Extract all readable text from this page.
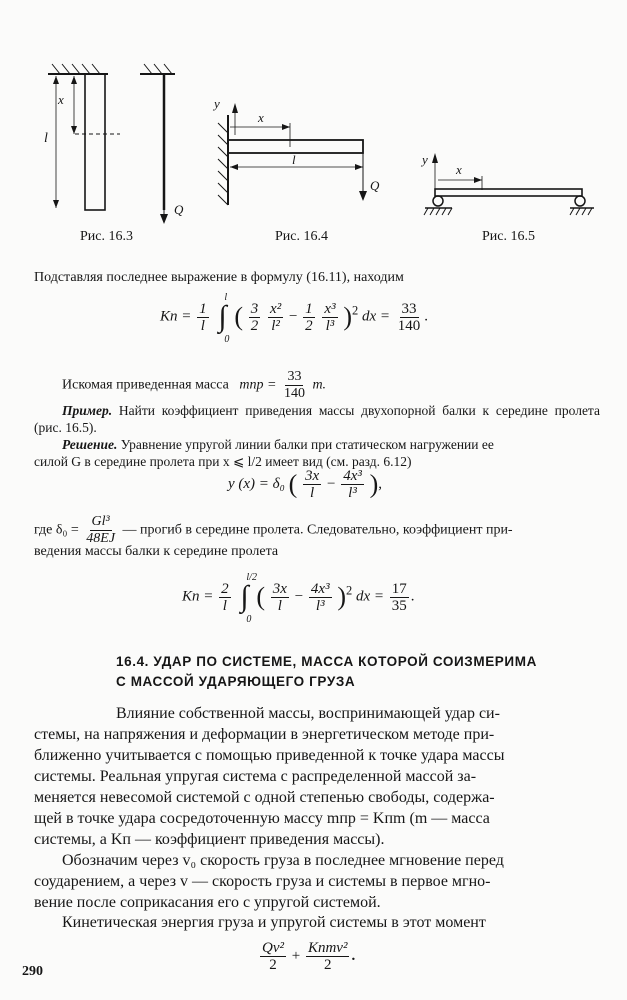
x
l
Q
Рис. 16.3
y
x
l
Q
Рис. 16.4
y
x
Рис. 16.5
Подставляя последнее выражение в формулу (16.11), находим
Kп = $\frac{1}{l}$ ∫
l
0
( $\frac{3}{2}$
$\frac{\text{x²}}{\text{l²}} - \frac{1}{2}$
$\frac{\text{x³}}{\text{l³}} )^2$ dx = $\frac{33}{140}$ .
Искомая приведенная масса mпр = $\frac{33}{140} m$.
Пример. Найти коэффициент приведения массы двухопорной балки к середине пролета (рис. 16.5).
Решение. Уравнение упругой линии балки при статическом нагружении ее
силой G в середине пролета при x ⩽ l/2 имеет вид (см. разд. 6.12)
y (x) = δ₀ ( $\frac{3x}{l} - \frac{\text{4x³}}{\text{l³}}$ ),
где $\delta_0 = \frac{\text{Gl³}}{48EJ}$ — прогиб в середине пролета. Следовательно, коэффициент при-
ведения массы балки к середине пролета
Kп = $\frac{2}{l}$ ∫
l/2
0
( $\frac{3x}{l} - \frac{\text{4x³}}{\text{l³}} )^2$ dx = $\frac{17}{35}$ .
16.4. УДАР ПО СИСТЕМЕ, МАССА КОТОРОЙ СОИЗМЕРИМА
С МАССОЙ УДАРЯЮЩЕГО ГРУЗА
Влияние собственной массы, воспринимающей удар си-
стемы, на напряжения и деформации в энергетическом методе при-
ближенно учитывается с помощью приведенной к точке удара массы
системы. Реальная упругая система с распределенной массой за-
меняется невесомой системой с одной степенью свободы, содержа-
щей в точке удара сосредоточенную массу mпр = Kпm (m — масса
системы, а Kп — коэффициент приведения массы).
Обозначим через v₀ скорость груза в последнее мгновение перед
соударением, а через v — скорость груза и системы в первое мгно-
вение после соприкасания его с упругой системой.
Кинетическая энергия груза и упругой системы в этот момент
$\frac{\text{Qv²}}{2}$ + Kпmv²
2
.
290
